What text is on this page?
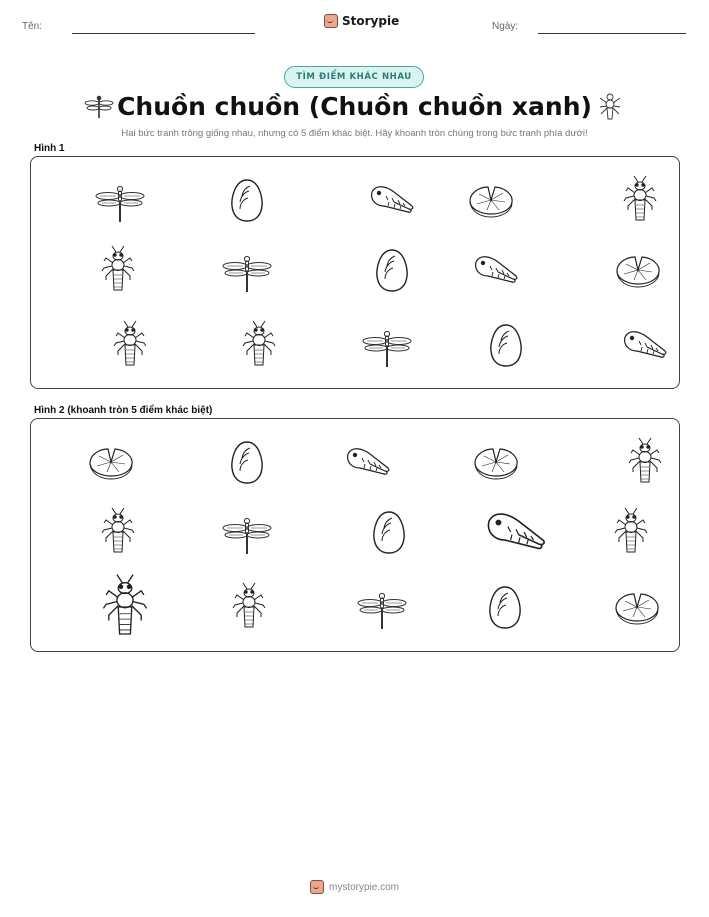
Tên:	Storypie	Ngày:
TÌM ĐIỂM KHÁC NHAU
Chuồn chuồn (Chuồn chuồn xanh)
Hai bức tranh trông giống nhau, nhưng có 5 điểm khác biệt. Hãy khoanh tròn chúng trong bức tranh phía dưới!
Hình 1
Hình 2 (khoanh tròn 5 điểm khác biệt)
mystorypie.com
